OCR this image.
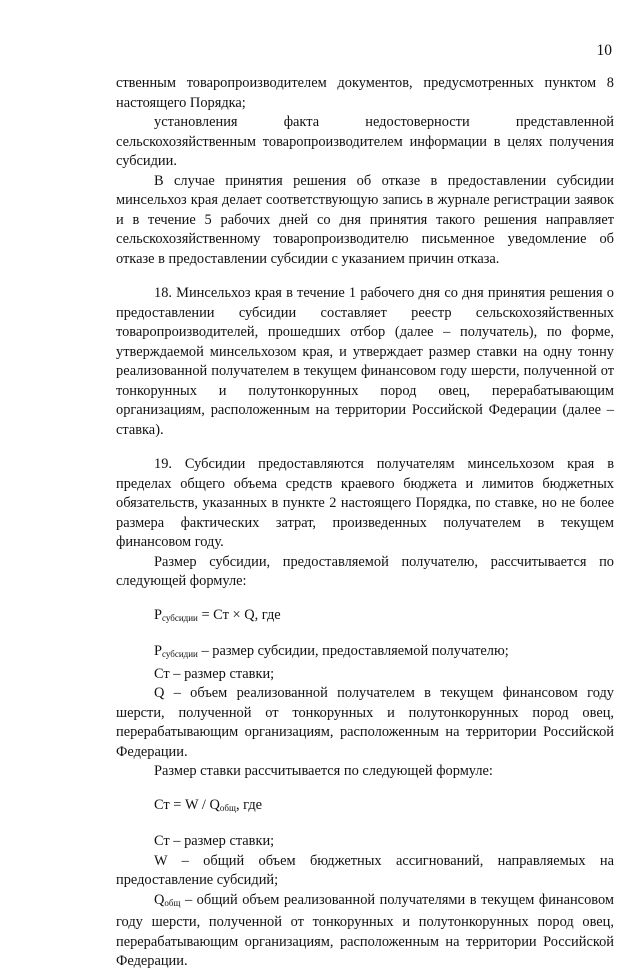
10

ственным товаропроизводителем документов, предусмотренных пунктом 8 настоящего Порядка;

установления факта недостоверности представленной сельскохозяйственным товаропроизводителем информации в целях получения субсидии.

В случае принятия решения об отказе в предоставлении субсидии минсельхоз края делает соответствующую запись в журнале регистрации заявок и в течение 5 рабочих дней со дня принятия такого решения направляет сельскохозяйственному товаропроизводителю письменное уведомление об отказе в предоставлении субсидии с указанием причин отказа.

18. Минсельхоз края в течение 1 рабочего дня со дня принятия решения о предоставлении субсидии составляет реестр сельскохозяйственных товаропроизводителей, прошедших отбор (далее – получатель), по форме, утверждаемой минсельхозом края, и утверждает размер ставки на одну тонну реализованной получателем в текущем финансовом году шерсти, полученной от тонкорунных и полутонкорунных пород овец, перерабатывающим организациям, расположенным на территории Российской Федерации (далее – ставка).

19. Субсидии предоставляются получателям минсельхозом края в пределах общего объема средств краевого бюджета и лимитов бюджетных обязательств, указанных в пункте 2 настоящего Порядка, по ставке, но не более размера фактических затрат, произведенных получателем в текущем финансовом году.

Размер субсидии, предоставляемой получателю, рассчитывается по следующей формуле:

$Р_{субсидии}$ = Ст × Q, где

$Р_{субсидии}$ – размер субсидии, предоставляемой получателю;

Ст – размер ставки;

Q – объем реализованной получателем в текущем финансовом году шерсти, полученной от тонкорунных и полутонкорунных пород овец, перерабатывающим организациям, расположенным на территории Российской Федерации.

Размер ставки рассчитывается по следующей формуле:

Ст = W / $Q_{общ}$, где

Ст – размер ставки;

W – общий объем бюджетных ассигнований, направляемых на предоставление субсидий;

$Q_{общ}$ – общий объем реализованной получателями в текущем финансовом году шерсти, полученной от тонкорунных и полутонкорунных пород овец, перерабатывающим организациям, расположенным на территории Российской Федерации.
